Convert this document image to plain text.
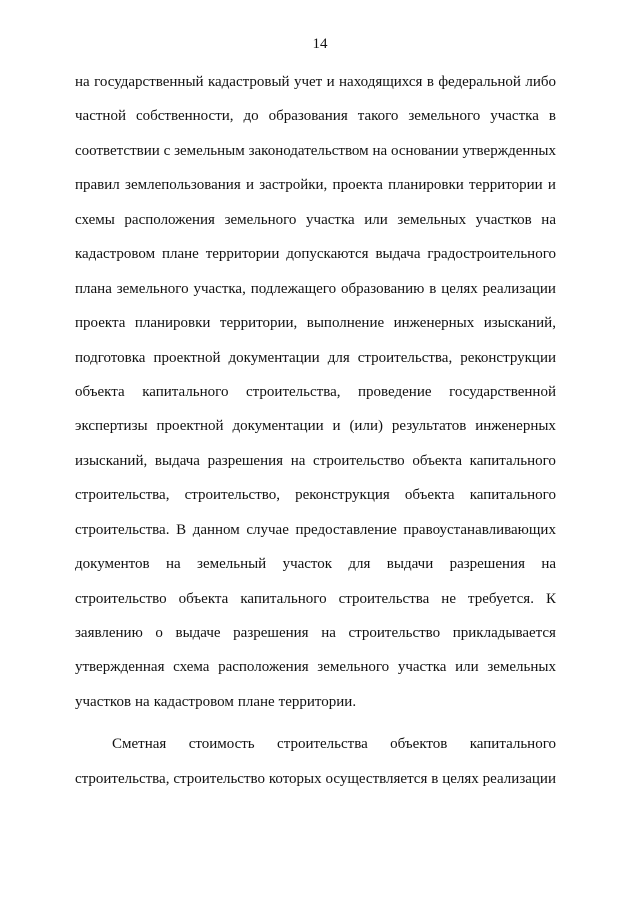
14
на государственный кадастровый учет и находящихся в федеральной либо
частной собственности, до образования такого земельного участка в
соответствии с земельным законодательством на основании утвержденных
правил землепользования и застройки, проекта планировки территории и
схемы расположения земельного участка или земельных участков на
кадастровом плане территории допускаются выдача градостроительного
плана земельного участка, подлежащего образованию в целях реализации
проекта планировки территории, выполнение инженерных изысканий,
подготовка проектной документации для строительства, реконструкции
объекта капитального строительства, проведение государственной
экспертизы проектной документации и (или) результатов инженерных
изысканий, выдача разрешения на строительство объекта капитального
строительства, строительство, реконструкция объекта капитального
строительства. В данном случае предоставление правоустанавливающих
документов на земельный участок для выдачи разрешения на
строительство объекта капитального строительства не требуется. К
заявлению о выдаче разрешения на строительство прикладывается
утвержденная схема расположения земельного участка или земельных
участков на кадастровом плане территории.
Сметная стоимость строительства объектов капитального
строительства, строительство которых осуществляется в целях реализации
